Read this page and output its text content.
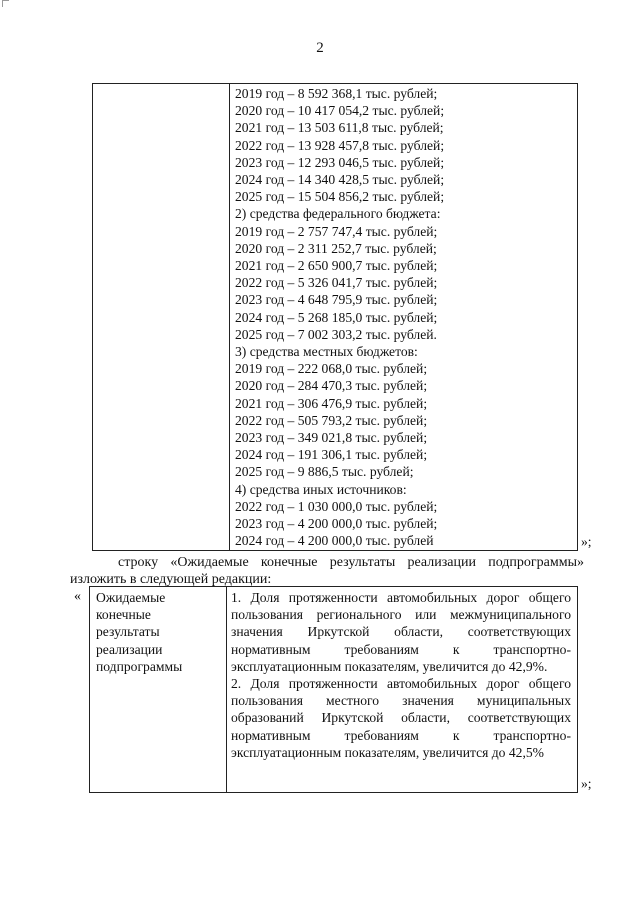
2
2019 год – 8 592 368,1 тыс. рублей;
2020 год – 10 417 054,2 тыс. рублей;
2021 год – 13 503 611,8 тыс. рублей;
2022 год – 13 928 457,8 тыс. рублей;
2023 год – 12 293 046,5 тыс. рублей;
2024 год – 14 340 428,5 тыс. рублей;
2025 год – 15 504 856,2 тыс. рублей;
2) средства федерального бюджета:
2019 год – 2 757 747,4 тыс. рублей;
2020 год – 2 311 252,7 тыс. рублей;
2021 год – 2 650 900,7 тыс. рублей;
2022 год – 5 326 041,7 тыс. рублей;
2023 год – 4 648 795,9 тыс. рублей;
2024 год – 5 268 185,0 тыс. рублей;
2025 год – 7 002 303,2 тыс. рублей.
3) средства местных бюджетов:
2019 год – 222 068,0 тыс. рублей;
2020 год – 284 470,3 тыс. рублей;
2021 год – 306 476,9 тыс. рублей;
2022 год – 505 793,2 тыс. рублей;
2023 год – 349 021,8 тыс. рублей;
2024 год – 191 306,1 тыс. рублей;
2025 год – 9 886,5 тыс. рублей;
4) средства иных источников:
2022 год – 1 030 000,0 тыс. рублей;
2023 год – 4 200 000,0 тыс. рублей;
2024 год – 4 200 000,0 тыс. рублей	»;
строку «Ожидаемые конечные результаты реализации подпрограммы»
изложить в следующей редакции:
« Ожидаемые
конечные
результаты
реализации
подпрограммы
1. Доля протяженности автомобильных дорог общего пользования регионального или межмуниципального значения Иркутской области, соответствующих нормативным требованиям к транспортно-эксплуатационным показателям, увеличится до 42,9%.
2. Доля протяженности автомобильных дорог общего пользования местного значения муниципальных образований Иркутской области, соответствующих нормативным требованиям к транспортно-эксплуатационным показателям, увеличится до 42,5%
»;
